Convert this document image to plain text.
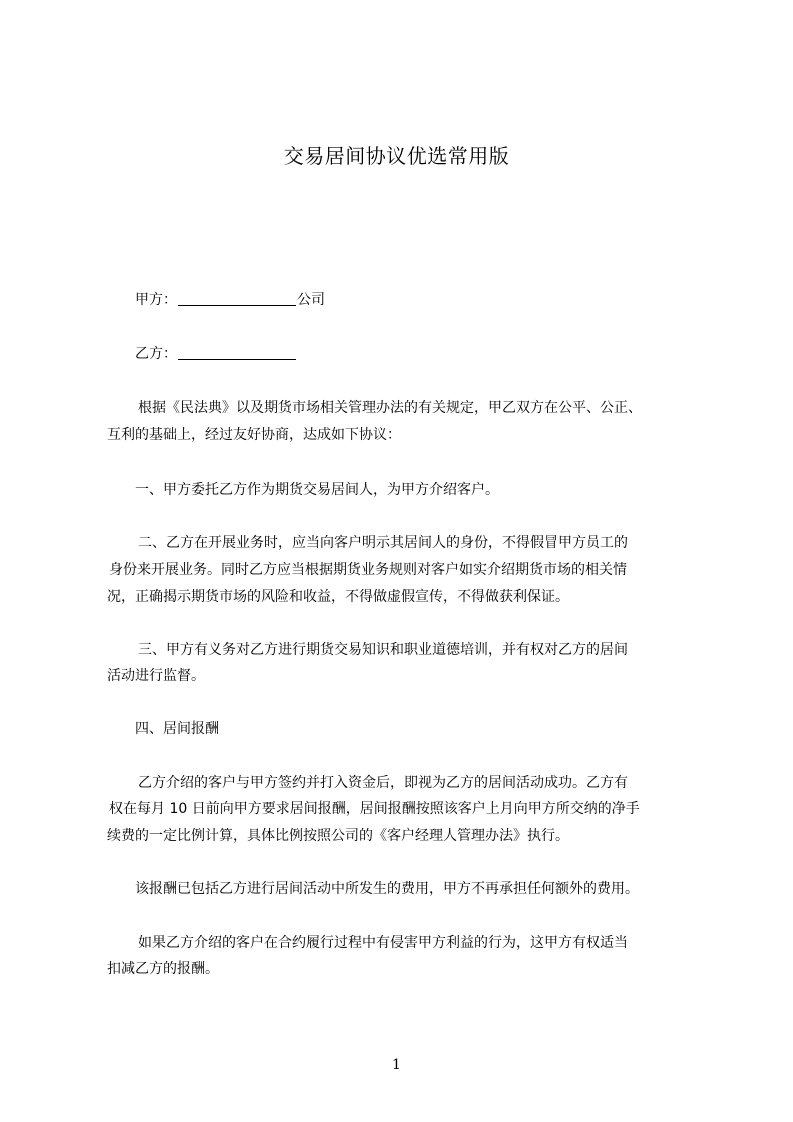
交易居间协议优选常用版
甲方：	公司
乙方：
根据《民法典》以及期货市场相关管理办法的有关规定，甲乙双方在公平、公正、
互利的基础上，经过友好协商，达成如下协议：
一、甲方委托乙方作为期货交易居间人，为甲方介绍客户。
二、乙方在开展业务时，应当向客户明示其居间人的身份，不得假冒甲方员工的
身份来开展业务。同时乙方应当根据期货业务规则对客户如实介绍期货市场的相关情
况，正确揭示期货市场的风险和收益，不得做虚假宣传，不得做获利保证。
三、甲方有义务对乙方进行期货交易知识和职业道德培训，并有权对乙方的居间
活动进行监督。
四、居间报酬
乙方介绍的客户与甲方签约并打入资金后，即视为乙方的居间活动成功。乙方有
权在每月 10 日前向甲方要求居间报酬，居间报酬按照该客户上月向甲方所交纳的净手
续费的一定比例计算，具体比例按照公司的《客户经理人管理办法》执行。
该报酬已包括乙方进行居间活动中所发生的费用，甲方不再承担任何额外的费用。
如果乙方介绍的客户在合约履行过程中有侵害甲方利益的行为，这甲方有权适当
扣减乙方的报酬。
1
